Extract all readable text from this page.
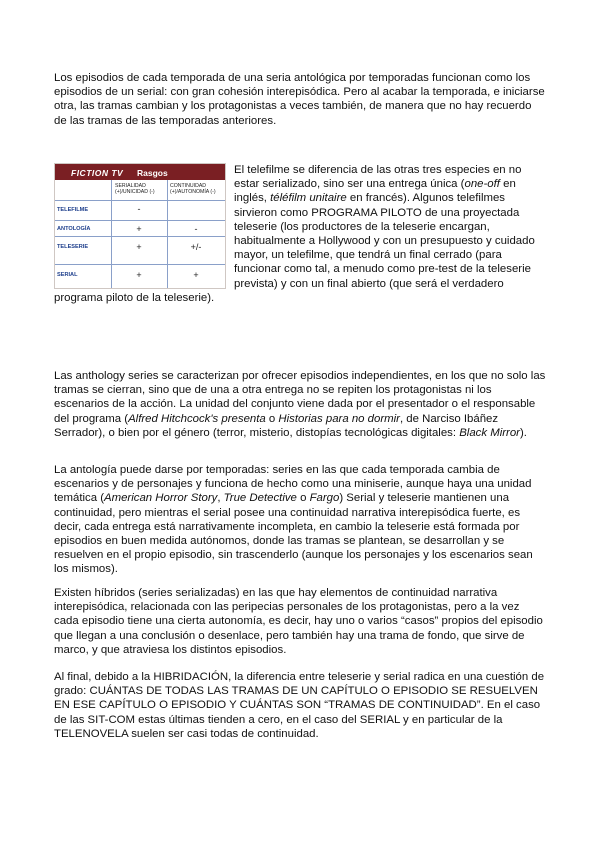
Los episodios de cada temporada de una seria antológica por temporadas funcionan como los episodios de un serial: con gran cohesión interepisódica. Pero al acabar la temporada, e iniciarse otra, las tramas cambian y los protagonistas a veces también, de manera que no hay recuerdo de las tramas de las temporadas anteriores.

FICTION TV Rasgos
SERIALIDAD (+)/UNICIDAD (-)
CONTINUIDAD (+)/AUTONOMÍA (-)
TELEFILME	-
ANTOLOGÍA	+	-
TELESERIE	+	+/-
SERIAL	+	+
El telefilme se diferencia de las otras tres especies en no estar serializado, sino ser una entrega única (one-off en inglés, téléfilm unitaire en francés). Algunos telefilmes sirvieron como PROGRAMA PILOTO de una proyectada teleserie (los productores de la teleserie encargan, habitualmente a Hollywood y con un presupuesto y cuidado mayor, un telefilme, que tendrá un final cerrado (para funcionar como tal, a menudo como pre-test de la teleserie prevista) y con un final abierto (que será el verdadero programa piloto de la teleserie).

Las anthology series se caracterizan por ofrecer episodios independientes, en los que no solo las tramas se cierran, sino que de una a otra entrega no se repiten los protagonistas ni los escenarios de la acción. La unidad del conjunto viene dada por el presentador o el responsable del programa (Alfred Hitchcock's presenta o Historias para no dormir, de Narciso Ibáñez Serrador), o bien por el género (terror, misterio, distopías tecnológicas digitales: Black Mirror).

La antología puede darse por temporadas: series en las que cada temporada cambia de escenarios y de personajes y funciona de hecho como una miniserie, aunque haya una unidad temática (American Horror Story, True Detective o Fargo) Serial y teleserie mantienen una continuidad, pero mientras el serial posee una continuidad narrativa interepisódica fuerte, es decir, cada entrega está narrativamente incompleta, en cambio la teleserie está formada por episodios en buen medida autónomos, donde las tramas se plantean, se desarrollan y se resuelven en el propio episodio, sin trascenderlo (aunque los personajes y los escenarios sean los mismos).

Existen híbridos (series serializadas) en las que hay elementos de continuidad narrativa interepisódica, relacionada con las peripecias personales de los protagonistas, pero a la vez cada episodio tiene una cierta autonomía, es decir, hay uno o varios “casos” propios del episodio que llegan a una conclusión o desenlace, pero también hay una trama de fondo, que sirve de marco, y que atraviesa los distintos episodios.

Al final, debido a la HIBRIDACIÓN, la diferencia entre teleserie y serial radica en una cuestión de grado: CUÁNTAS DE TODAS LAS TRAMAS DE UN CAPÍTULO O EPISODIO SE RESUELVEN EN ESE CAPÍTULO O EPISODIO Y CUÁNTAS SON “TRAMAS DE CONTINUIDAD”. En el caso de las SIT-COM estas últimas tienden a cero, en el caso del SERIAL y en particular de la TELENOVELA suelen ser casi todas de continuidad.
